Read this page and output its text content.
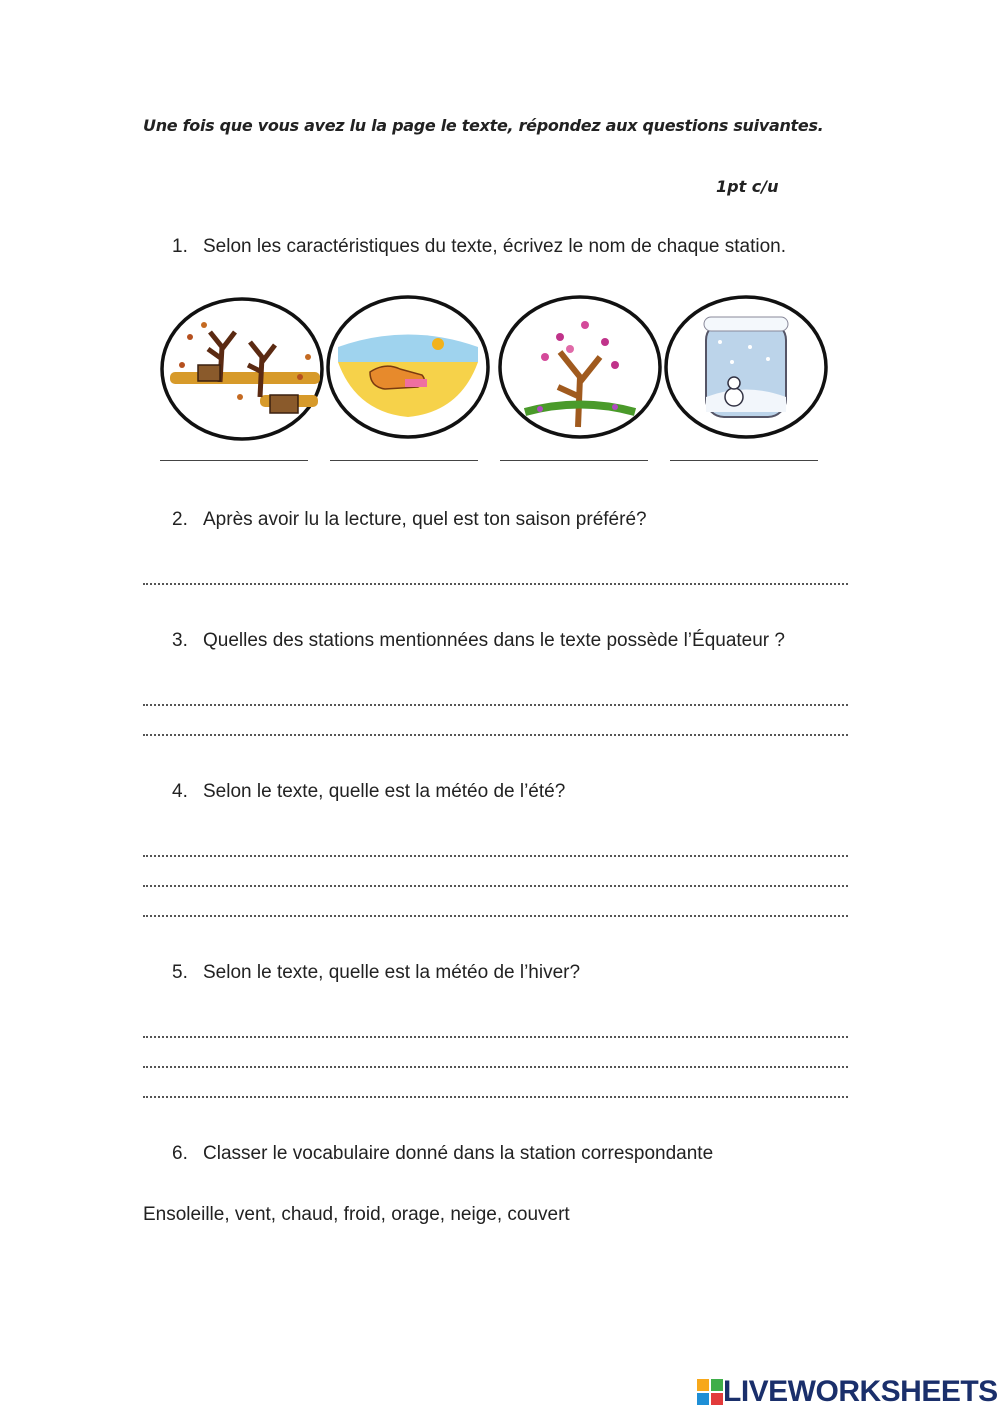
Une fois que vous avez lu la page le texte, répondez aux questions suivantes.
1pt c/u
1. Selon les caractéristiques du texte, écrivez le nom de chaque station.
2. Après avoir lu la lecture, quel est ton saison préféré?
3. Quelles des stations mentionnées dans le texte possède l’Équateur ?
4. Selon le texte, quelle est la météo de l’été?
5. Selon le texte, quelle est la météo de l’hiver?
6. Classer le vocabulaire donné dans la station correspondante
Ensoleille, vent, chaud, froid, orage, neige, couvert
LIVEWORKSHEETS
